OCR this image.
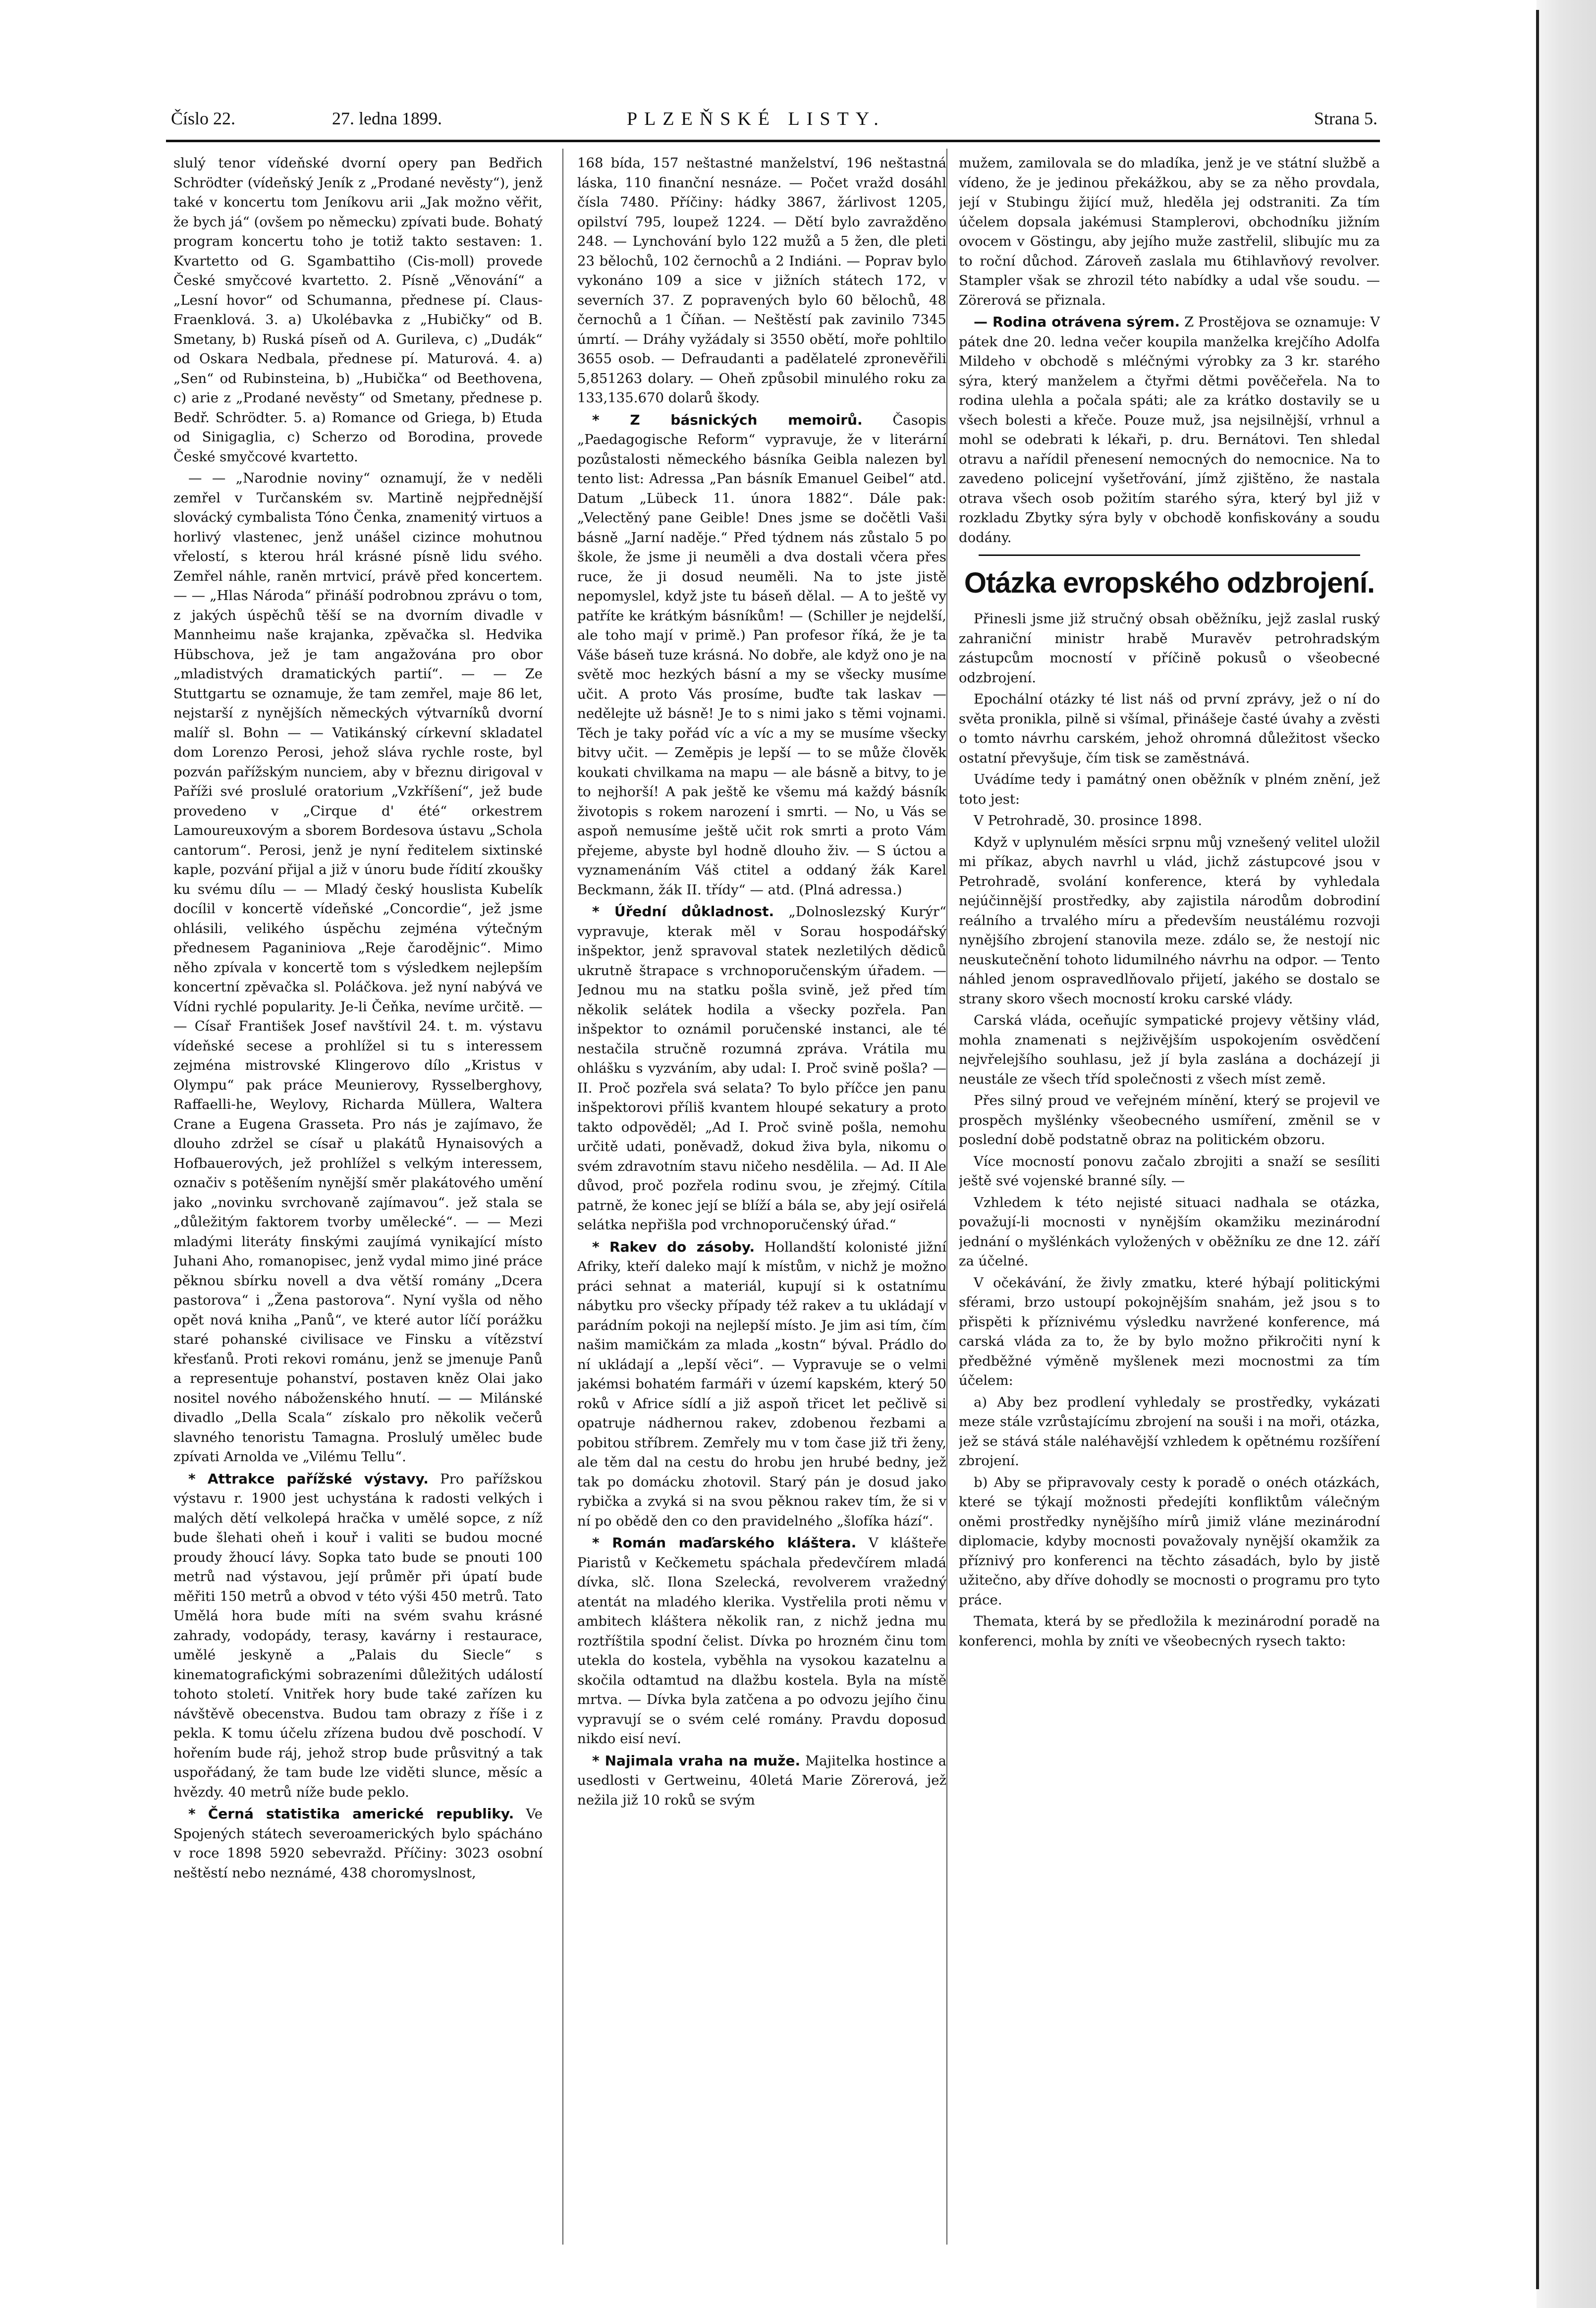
Číslo 22.	27. ledna 1899.	PLZEŇSKÉ LISTY.	Strana 5.

slulý tenor vídeňské dvorní opery pan Bedřich Schrödter (vídeňský Jeník z „Prodané nevěsty“), jenž také v koncertu tom Jeníkovu arii „Jak možno věřit, že bych já“ (ovšem po německu) zpívati bude. Bohatý program koncertu toho je totiž takto sestaven: 1. Kvartetto od G. Sgambattiho (Cis-moll) provede České smyčcové kvartetto. 2. Písně „Věnování“ a „Lesní hovor“ od Schumanna, přednese pí. Claus-Fraenklová. 3. a) Ukolébavka z „Hubičky“ od B. Smetany, b) Ruská píseň od A. Gurileva, c) „Dudák“ od Oskara Nedbala, přednese pí. Maturová. 4. a) „Sen“ od Rubinsteina, b) „Hubička“ od Beethovena, c) arie z „Prodané nevěsty“ od Smetany, přednese p. Bedř. Schrödter. 5. a) Romance od Griega, b) Etuda od Sinigaglia, c) Scherzo od Borodina, provede České smyčcové kvartetto.

— — „Narodnie noviny“ oznamují, že v neděli zemřel v Turčanském sv. Martině nejpřednější slovácký cymbalista Tóno Čenka, znamenitý virtuos a horlivý vlastenec, jenž unášel cizince mohutnou vřelostí, s kterou hrál krásné písně lidu svého. Zemřel náhle, raněn mrtvicí, právě před koncertem. — — „Hlas Národa“ přináší podrobnou zprávu o tom, z jakých úspěchů těší se na dvorním divadle v Mannheimu naše krajanka, zpěvačka sl. Hedvika Hübschova, jež je tam angažována pro obor „mladistvých dramatických partií“. — — Ze Stuttgartu se oznamuje, že tam zemřel, maje 86 let, nejstarší z nynějších německých výtvarníků dvorní malíř sl. Bohn — — Vatikánský církevní skladatel dom Lorenzo Perosi, jehož sláva rychle roste, byl pozván pařížským nunciem, aby v březnu dirigoval v Paříži své proslulé oratorium „Vzkříšení“, jež bude provedeno v „Cirque d' été“ orkestrem Lamoureuxovým a sborem Bordesova ústavu „Schola cantorum“. Perosi, jenž je nyní ředitelem sixtinské kaple, pozvání přijal a již v únoru bude řídití zkoušky ku svému dílu — — Mladý český houslista Kubelík docílil v koncertě vídeňské „Concordie“, jež jsme ohlásili, velikého úspěchu zejména výtečným přednesem Paganiniova „Reje čarodějnic“. Mimo něho zpívala v koncertě tom s výsledkem nejlepším koncertní zpěvačka sl. Poláčkova. jež nyní nabývá ve Vídni rychlé popularity. Je-li Čeňka, nevíme určitě. — — Císař František Josef navštívil 24. t. m. výstavu vídeňské secese a prohlížel si tu s interessem zejména mistrovské Klingerovo dílo „Kristus v Olympu“ pak práce Meunierovy, Rysselberghovy, Raffaelli-he, Weylovy, Richarda Müllera, Waltera Crane a Eugena Grasseta. Pro nás je zajímavo, že dlouho zdržel se císař u plakátů Hynaisových a Hofbauerových, jež prohlížel s velkým interessem, označiv s potěšením nynější směr plakátového umění jako „novinku svrchovaně zajímavou“. jež stala se „důležitým faktorem tvorby umělecké“. — — Mezi mladými literáty finskými zaujímá vynikající místo Juhani Aho, romanopisec, jenž vydal mimo jiné práce pěknou sbírku novell a dva větší romány „Dcera pastorova“ i „Žena pastorova“. Nyní vyšla od něho opět nová kniha „Panů“, ve které autor líčí porážku staré pohanské civilisace ve Finsku a vítězství křesťanů. Proti rekovi románu, jenž se jmenuje Panů a representuje pohanství, postaven kněz Olai jako nositel nového náboženského hnutí. — — Milánské divadlo „Della Scala“ získalo pro několik večerů slavného tenoristu Tamagna. Proslulý umělec bude zpívati Arnolda ve „Vilému Tellu“.

* Attrakce pařížské výstavy. Pro pařížskou výstavu r. 1900 jest uchystána k radosti velkých i malých dětí velkolepá hračka v umělé sopce, z níž bude šlehati oheň i kouř i valiti se budou mocné proudy žhoucí lávy. Sopka tato bude se pnouti 100 metrů nad výstavou, její průměr při úpatí bude měřiti 150 metrů a obvod v této výši 450 metrů. Tato Umělá hora bude míti na svém svahu krásné zahrady, vodopády, terasy, kavárny i restaurace, umělé jeskyně a „Palais du Siecle“ s kinematografickými sobrazeními důležitých událostí tohoto století. Vnitřek hory bude také zařízen ku návštěvě obecenstva. Budou tam obrazy z říše i z pekla. K tomu účelu zřízena budou dvě poschodí. V hořením bude ráj, jehož strop bude průsvitný a tak uspořádaný, že tam bude lze viděti slunce, měsíc a hvězdy. 40 metrů níže bude peklo.

* Černá statistika americké republiky. Ve Spojených státech severoamerických bylo spácháno v roce 1898 5920 sebevražd. Příčiny: 3023 osobní neštěstí nebo neznámé, 438 choromyslnost,

168 bída, 157 neštastné manželství, 196 neštastná láska, 110 finanční nesnáze. — Počet vražd dosáhl čísla 7480. Příčiny: hádky 3867, žárlivost 1205, opilství 795, loupež 1224. — Dětí bylo zavražděno 248. — Lynchování bylo 122 mužů a 5 žen, dle pleti 23 bělochů, 102 černochů a 2 Indiáni. — Poprav bylo vykonáno 109 a sice v jižních státech 172, v severních 37. Z popravených bylo 60 bělochů, 48 černochů a 1 Číňan. — Neštěstí pak zavinilo 7345 úmrtí. — Dráhy vyžádaly si 3550 obětí, moře pohltilo 3655 osob. — Defraudanti a padělatelé zpronevěřili 5,851263 dolary. — Oheň způsobil minulého roku za 133,135.670 dolarů škody.

* Z básnických memoirů. Časopis „Paedagogische Reform“ vypravuje, že v literární pozůstalosti německého básníka Geibla nalezen byl tento list: Adressa „Pan básník Emanuel Geibel“ atd. Datum „Lübeck 11. února 1882“. Dále pak: „Velectěný pane Geible! Dnes jsme se dočětli Vaši básně „Jarní naděje.“ Před týdnem nás zůstalo 5 po škole, že jsme ji neuměli a dva dostali včera přes ruce, že ji dosud neuměli. Na to jste jistě nepomyslel, když jste tu báseň dělal. — A to ještě vy patříte ke krátkým básníkům! — (Schiller je nejdelší, ale toho mají v primě.) Pan profesor říká, že je ta Váše báseň tuze krásná. No dobře, ale když ono je na světě moc hezkých básní a my se všecky musíme učit. A proto Vás prosíme, buďte tak laskav — nedělejte už básně! Je to s nimi jako s těmi vojnami. Těch je taky pořád víc a víc a my se musíme všecky bitvy učit. — Zeměpis je lepší — to se může člověk koukati chvilkama na mapu — ale básně a bitvy, to je to nejhorší! A pak ještě ke všemu má každý básník životopis s rokem narození i smrti. — No, u Vás se aspoň nemusíme ještě učit rok smrti a proto Vám přejeme, abyste byl hodně dlouho živ. — S úctou a vyznamenáním Váš ctitel a oddaný žák Karel Beckmann, žák II. třídy“ — atd. (Plná adressa.)

* Úřední důkladnost. „Dolnoslezský Kurýr“ vypravuje, kterak měl v Sorau hospodářský inšpektor, jenž spravoval statek nezletilých dědiců ukrutně štrapace s vrchnoporučenským úřadem. — Jednou mu na statku pošla svině, jež před tím několik selátek hodila a všecky pozřela. Pan inšpektor to oznámil poručenské instanci, ale té nestačila stručně rozumná zpráva. Vrátila mu ohlášku s vyzváním, aby udal: I. Proč svině pošla? — II. Proč pozřela svá selata? To bylo příčce jen panu inšpektorovi příliš kvantem hloupé sekatury a proto takto odpověděl; „Ad I. Proč svině pošla, nemohu určitě udati, poněvadž, dokud živa byla, nikomu o svém zdravotním stavu ničeho nesdělila. — Ad. II Ale důvod, proč pozřela rodinu svou, je zřejmý. Cítila patrně, že konec její se blíží a bála se, aby její osiřelá selátka nepřišla pod vrchnoporučenský úřad.“

* Rakev do zásoby. Hollandští kolonisté jižní Afriky, kteří daleko mají k místům, v nichž je možno práci sehnat a materiál, kupují si k ostatnímu nábytku pro všecky případy též rakev a tu ukládají v parádním pokoji na nejlepší místo. Je jim asi tím, čím našim mamičkám za mlada „kostn“ býval. Prádlo do ní ukládají a „lepší věci“. — Vypravuje se o velmi jakémsi bohatém farmáři v území kapském, který 50 roků v Africe sídlí a již aspoň třicet let pečlivě si opatruje nádhernou rakev, zdobenou řezbami a pobitou stříbrem. Zemřely mu v tom čase již tři ženy, ale těm dal na cestu do hrobu jen hrubé bedny, jež tak po domácku zhotovil. Starý pán je dosud jako rybička a zvyká si na svou pěknou rakev tím, že si v ní po obědě den co den pravidelného „šlofíka hází“.

* Román maďarského kláštera. V klášteře Piaristů v Kečkemetu spáchala předevčírem mladá dívka, slč. Ilona Szelecká, revolverem vražedný atentát na mladého klerika. Vystřelila proti němu v ambitech kláštera několik ran, z nichž jedna mu roztříštila spodní čelist. Dívka po hrozném činu tom utekla do kostela, vyběhla na vysokou kazatelnu a skočila odtamtud na dlažbu kostela. Byla na místě mrtva. — Dívka byla zatčena a po odvozu jejího činu vypravují se o svém celé romány. Pravdu doposud nikdo eisí neví.

* Najimala vraha na muže. Majitelka hostince a usedlosti v Gertweinu, 40letá Marie Zörerová, jež nežila již 10 roků se svým

mužem, zamilovala se do mladíka, jenž je ve státní službě a vídeno, že je jedinou překážkou, aby se za něho provdala, její v Stubingu žijící muž, hleděla jej odstraniti. Za tím účelem dopsala jakémusi Stamplerovi, obchodníku jižním ovocem v Göstingu, aby jejího muže zastřelil, slibujíc mu za to roční důchod. Zároveň zaslala mu 6tihlavňový revolver. Stampler však se zhrozil této nabídky a udal vše soudu. — Zörerová se přiznala.

— Rodina otrávena sýrem. Z Prostějova se oznamuje: V pátek dne 20. ledna večer koupila manželka krejčího Adolfa Mildeho v obchodě s mléčnými výrobky za 3 kr. starého sýra, který manželem a čtyřmi dětmi pověčeřela. Na to rodina ulehla a počala spáti; ale za krátko dostavily se u všech bolesti a křeče. Pouze muž, jsa nejsilnější, vrhnul a mohl se odebrati k lékaři, p. dru. Bernátovi. Ten shledal otravu a nařídil přenesení nemocných do nemocnice. Na to zavedeno policejní vyšetřování, jímž zjištěno, že nastala otrava všech osob požitím starého sýra, který byl již v rozkladu Zbytky sýra byly v obchodě konfiskovány a soudu dodány.

Otázka evropského odzbrojení.

Přinesli jsme již stručný obsah oběžníku, jejž zaslal ruský zahraniční ministr hrabě Muravěv petrohradským zástupcům mocností v příčině pokusů o všeobecné odzbrojení.

Epochální otázky té list náš od první zprávy, jež o ní do světa pronikla, pilně si všímal, přinášeje časté úvahy a zvěsti o tomto návrhu carském, jehož ohromná důležitost všecko ostatní převyšuje, čím tisk se zaměstnává.

Uvádíme tedy i památný onen oběžník v plném znění, jež toto jest:

V Petrohradě, 30. prosince 1898.

Když v uplynulém měsíci srpnu můj vznešený velitel uložil mi příkaz, abych navrhl u vlád, jichž zástupcové jsou v Petrohradě, svolání konference, která by vyhledala nejúčinnější prostředky, aby zajistila národům dobrodiní reálního a trvalého míru a především neustálému rozvoji nynějšího zbrojení stanovila meze. zdálo se, že nestojí nic neuskutečnění tohoto lidumilného návrhu na odpor. — Tento náhled jenom ospravedlňovalo přijetí, jakého se dostalo se strany skoro všech mocností kroku carské vlády.

Carská vláda, oceňujíc sympatické projevy většiny vlád, mohla znamenati s nejživějším uspokojením osvědčení nejvřelejšího souhlasu, jež jí byla zaslána a docházejí ji neustále ze všech tříd společnosti z všech míst země.

Přes silný proud ve veřejném mínění, který se projevil ve prospěch myšlénky všeobecného usmíření, změnil se v poslední době podstatně obraz na politickém obzoru.

Více mocností ponovu začalo zbrojiti a snaží se sesíliti ještě své vojenské branné síly. —

Vzhledem k této nejisté situaci nadhala se otázka, považují-li mocnosti v nynějším okamžiku mezinárodní jednání o myšlénkách vyložených v oběžníku ze dne 12. září za účelné.

V očekávání, že živly zmatku, které hýbají politickými sférami, brzo ustoupí pokojnějším snahám, jež jsou s to přispěti k příznivému výsledku navržené konference, má carská vláda za to, že by bylo možno přikročiti nyní k předběžné výměně myšlenek mezi mocnostmi za tím účelem:

a) Aby bez prodlení vyhledaly se prostředky, vykázati meze stále vzrůstajícímu zbrojení na souši i na moři, otázka, jež se stává stále naléhavější vzhledem k opětnému rozšíření zbrojení.

b) Aby se připravovaly cesty k poradě o onéch otázkách, které se týkají možnosti předejíti konfliktům válečným oněmi prostředky nynějšího mírů jimiž vláne mezinárodní diplomacie, kdyby mocnosti považovaly nynější okamžik za příznivý pro konferenci na těchto zásadách, bylo by jistě užitečno, aby dříve dohodly se mocnosti o programu pro tyto práce.

Themata, která by se předložila k mezinárodní poradě na konferenci, mohla by zníti ve všeobecných rysech takto:
